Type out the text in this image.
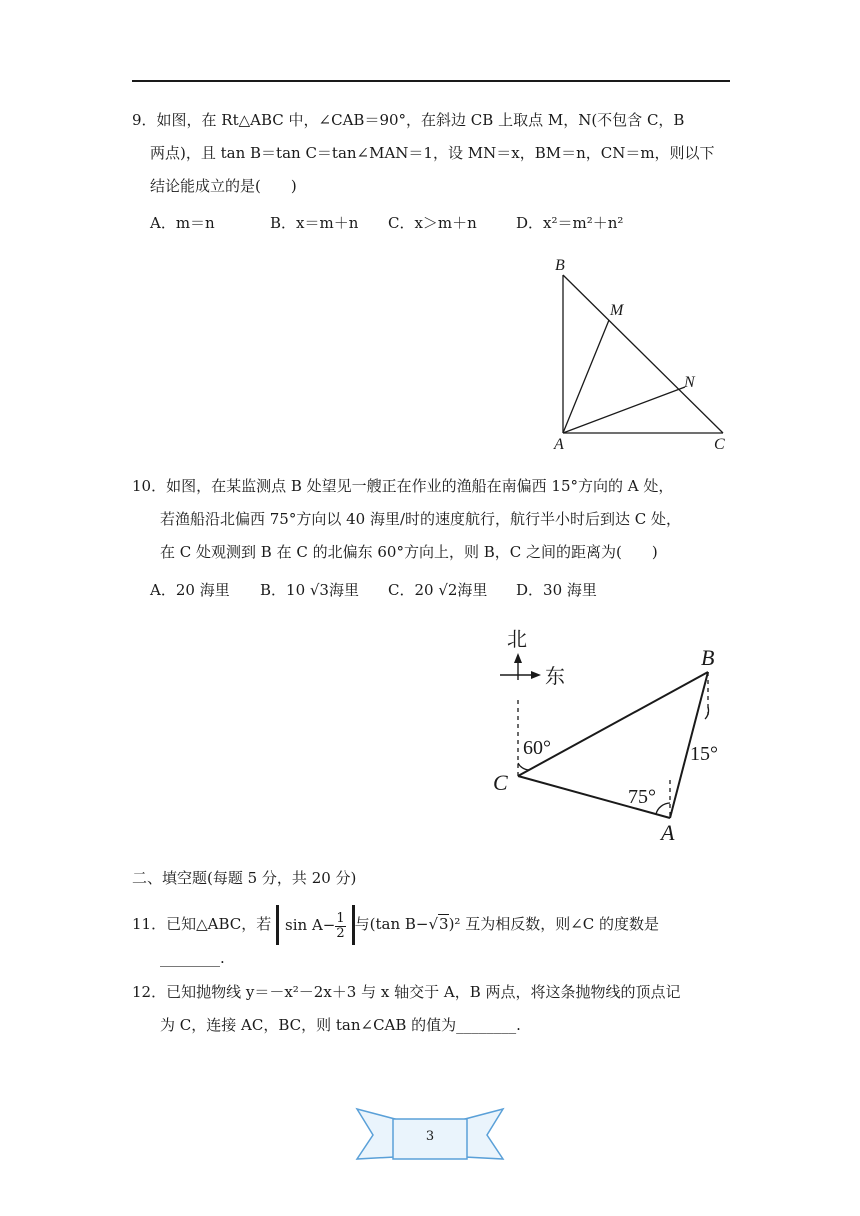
9．如图，在 Rt△ABC 中，∠CAB＝90°，在斜边 CB 上取点 M，N(不包含 C，B
两点)，且 tan B＝tan C＝tan∠MAN＝1，设 MN＝x，BM＝n，CN＝m，则以下
结论能成立的是(　　)
A．m＝n	B．x＝m＋n C．x＞m＋n	D．x²＝m²＋n²
B
M
N
A	C
10．如图，在某监测点 B 处望见一艘正在作业的渔船在南偏西 15°方向的 A 处，
若渔船沿北偏西 75°方向以 40 海里/时的速度航行，航行半小时后到达 C 处，
在 C 处观测到 B 在 C 的北偏东 60°方向上，则 B，C 之间的距离为(　　)
A．20 海里 B．10 √3海里 C．20 √2海里 D．30 海里
北
东
60°
75°
15°
B
C
A
二、填空题(每题 5 分，共 20 分)
11．已知△ABC，若 $\sin A- \frac{1}{2}$ 与(tan B−√3)² 互为相反数，则∠C 的度数是
________.
12．已知抛物线 y＝－x²－2x＋3 与 x 轴交于 A，B 两点，将这条抛物线的顶点记
为 C，连接 AC，BC，则 tan∠CAB 的值为________.
3
